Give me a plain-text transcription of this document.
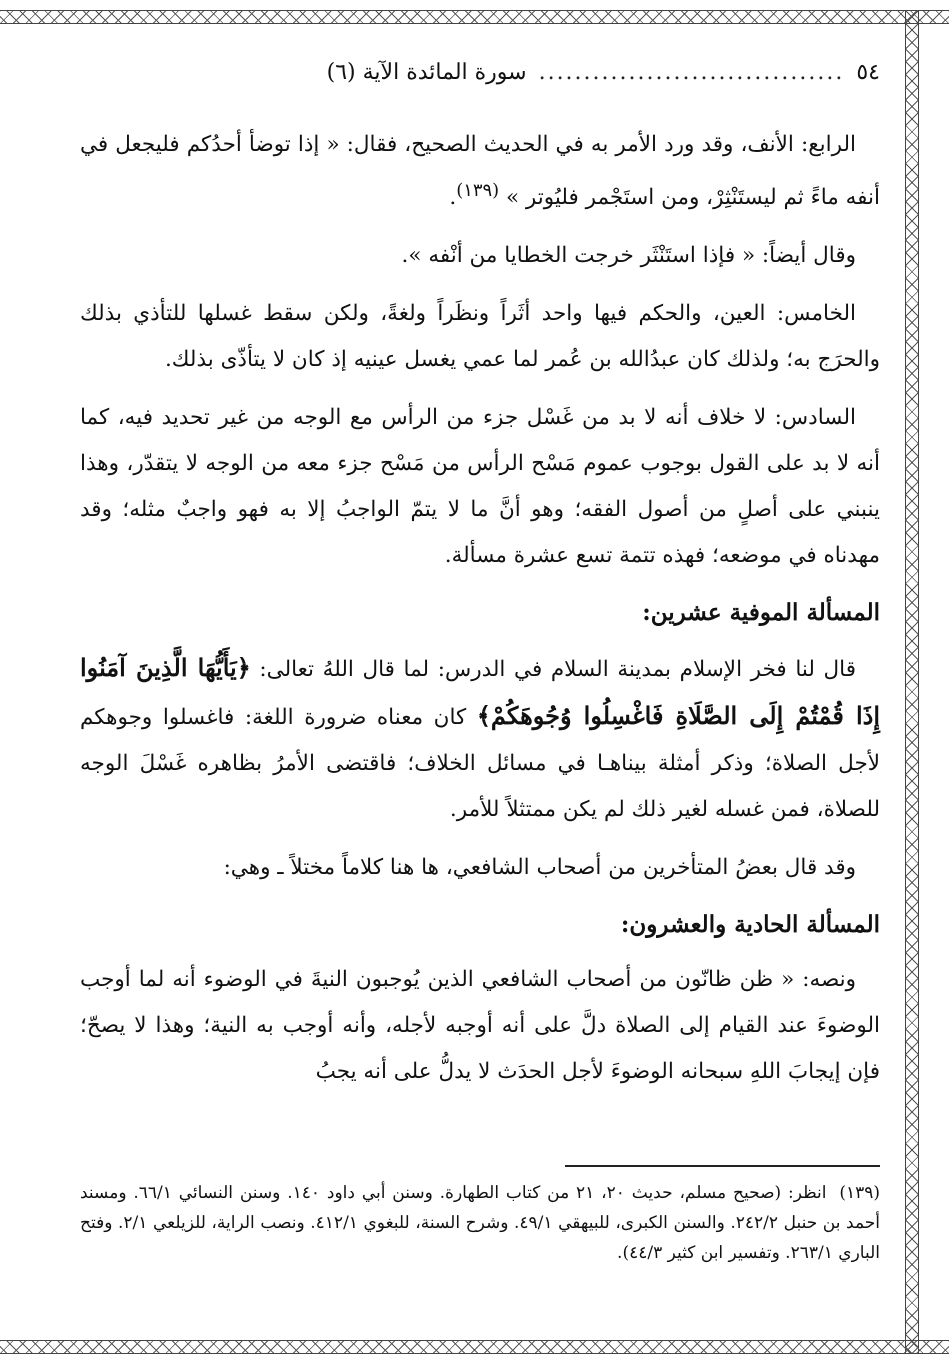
٥٤
..................................
سورة المائدة الآية (٦)

الرابع: الأنف، وقد ورد الأمر به في الحديث الصحيح، فقال: « إذا توضأ أحدُكم فليجعل في أنفه ماءً ثم ليستَنْثِرْ، ومن استَجْمر فليُوتر » $^{(١٣٩)}$.

وقال أيضاً: « فإذا استَنْثَر خرجت الخطايا من أنْفه ».

الخامس: العين، والحكم فيها واحد أثَراً ونظَراً ولغةً، ولكن سقط غسلها للتأذي بذلك والحرَج به؛ ولذلك كان عبدُالله بن عُمر لما عمي يغسل عينيه إذ كان لا يتأذّى بذلك.

السادس: لا خلاف أنه لا بد من غَسْل جزء من الرأس مع الوجه من غير تحديد فيه، كما أنه لا بد على القول بوجوب عموم مَسْح الرأس من مَسْح جزء معه من الوجه لا يتقدّر، وهذا ينبني على أصلٍ من أصول الفقه؛ وهو أنَّ ما لا يتمّ الواجبُ إلا به فهو واجبٌ مثله؛ وقد مهدناه في موضعه؛ فهذه تتمة تسع عشرة مسألة.

المسألة الموفية عشرين:

قال لنا فخر الإسلام بمدينة السلام في الدرس: لما قال اللهُ تعالى: ﴿يَأَيُّهَا الَّذِينَ آمَنُوا إِذَا قُمْتُمْ إِلَى الصَّلَاةِ فَاغْسِلُوا وُجُوهَكُمْ﴾ كان معناه ضرورة اللغة: فاغسلوا وجوهكم لأجل الصلاة؛ وذكر أمثلة بيناهـا في مسائل الخلاف؛ فاقتضى الأمرُ بظاهره غَسْلَ الوجه للصلاة، فمن غسله لغير ذلك لم يكن ممتثلاً للأمر.

وقد قال بعضُ المتأخرين من أصحاب الشافعي، ها هنا كلاماً مختلاً ـ وهي:

المسألة الحادية والعشرون:

ونصه: « ظن ظانّون من أصحاب الشافعي الذين يُوجبون النيةَ في الوضوء أنه لما أوجب الوضوءَ عند القيام إلى الصلاة دلَّ على أنه أوجبه لأجله، وأنه أوجب به النية؛ وهذا لا يصحّ؛ فإن إيجابَ اللهِ سبحانه الوضوءَ لأجل الحدَث لا يدلُّ على أنه يجبُ

(١٣٩) انظر: (صحيح مسلم، حديث ٢٠، ٢١ من كتاب الطهارة. وسنن أبي داود ١٤٠. وسنن النسائي ٦٦/١. ومسند أحمد بن حنبل ٢٤٢/٢. والسنن الكبرى، للبيهقي ٤٩/١. وشرح السنة، للبغوي ٤١٢/١. ونصب الراية، للزيلعي ٢/١. وفتح الباري ٢٦٣/١. وتفسير ابن كثير ٤٤/٣).
